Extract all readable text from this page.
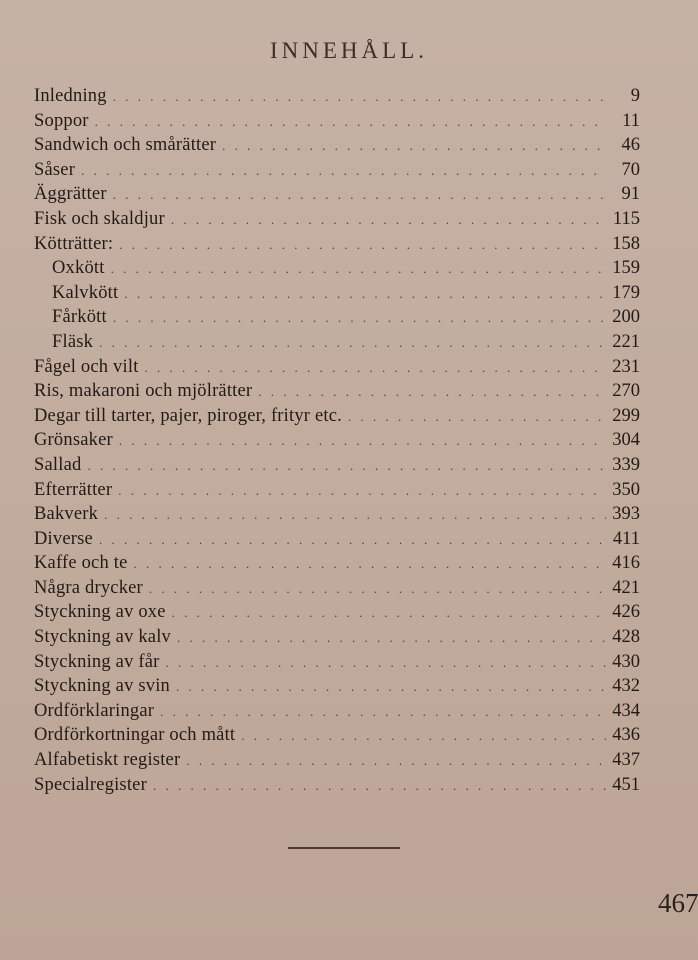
INNEHÅLL.
Inledning . . .	9
Soppor . . .	11
Sandwich och smårätter . . .	46
Såser . . .	70
Äggrätter . . .	91
Fisk och skaldjur . . .	115
Kötträtter: . . .	158
Oxkött . . .	159
Kalvkött . . .	179
Fårkött . . .	200
Fläsk . . .	221
Fågel och vilt . . .	231
Ris, makaroni och mjölrätter . . .	270
Degar till tarter, pajer, piroger, frityr etc. . . .	299
Grönsaker . . .	304
Sallad . . .	339
Efterrätter . . .	350
Bakverk . . .	393
Diverse . . .	411
Kaffe och te . . .	416
Några drycker . . .	421
Styckning av oxe . . .	426
Styckning av kalv . . .	428
Styckning av får . . .	430
Styckning av svin . . .	432
Ordförklaringar . . .	434
Ordförkortningar och mått . . .	436
Alfabetiskt register . . .	437
Specialregister . . .	451
467
